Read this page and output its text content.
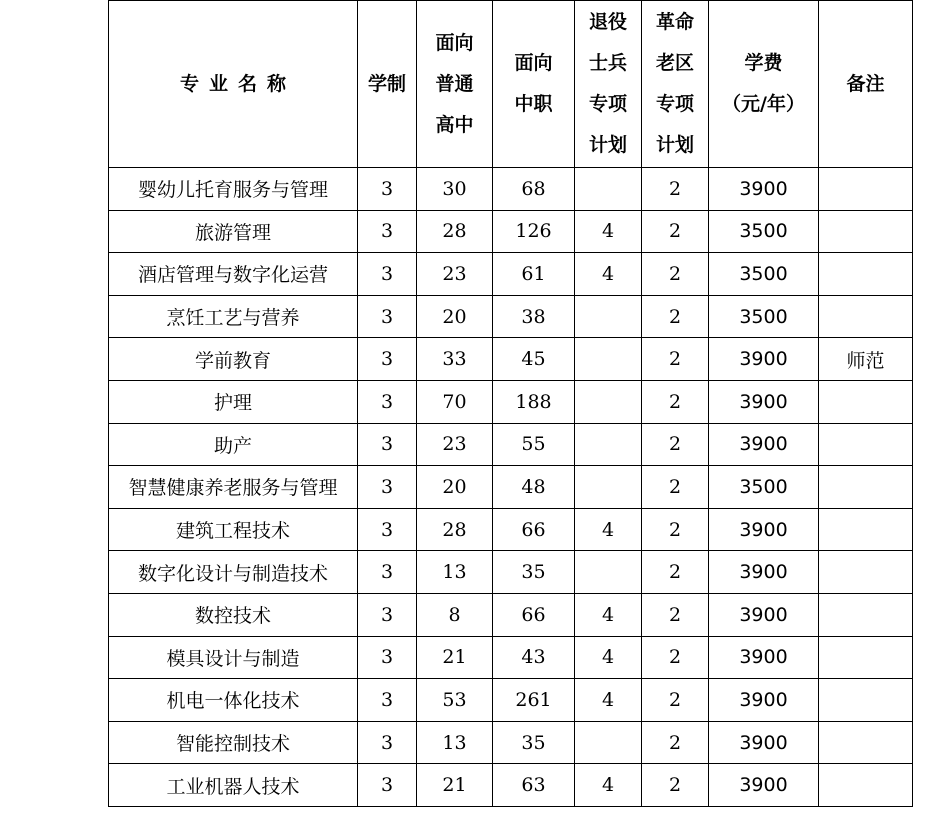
专业名称	学制	面向
普通
高中	面向
中职	退役
士兵
专项
计划	革命
老区
专项
计划	学费
（元/年）	备注
婴幼儿托育服务与管理	3	30	68		2	3900	
旅游管理	3	28	126	4	2	3500	
酒店管理与数字化运营	3	23	61	4	2	3500	
烹饪工艺与营养	3	20	38		2	3500	
学前教育	3	33	45		2	3900	师范
护理	3	70	188		2	3900	
助产	3	23	55		2	3900	
智慧健康养老服务与管理	3	20	48		2	3500	
建筑工程技术	3	28	66	4	2	3900	
数字化设计与制造技术	3	13	35		2	3900	
数控技术	3	8	66	4	2	3900	
模具设计与制造	3	21	43	4	2	3900	
机电一体化技术	3	53	261	4	2	3900	
智能控制技术	3	13	35		2	3900	
工业机器人技术	3	21	63	4	2	3900	
